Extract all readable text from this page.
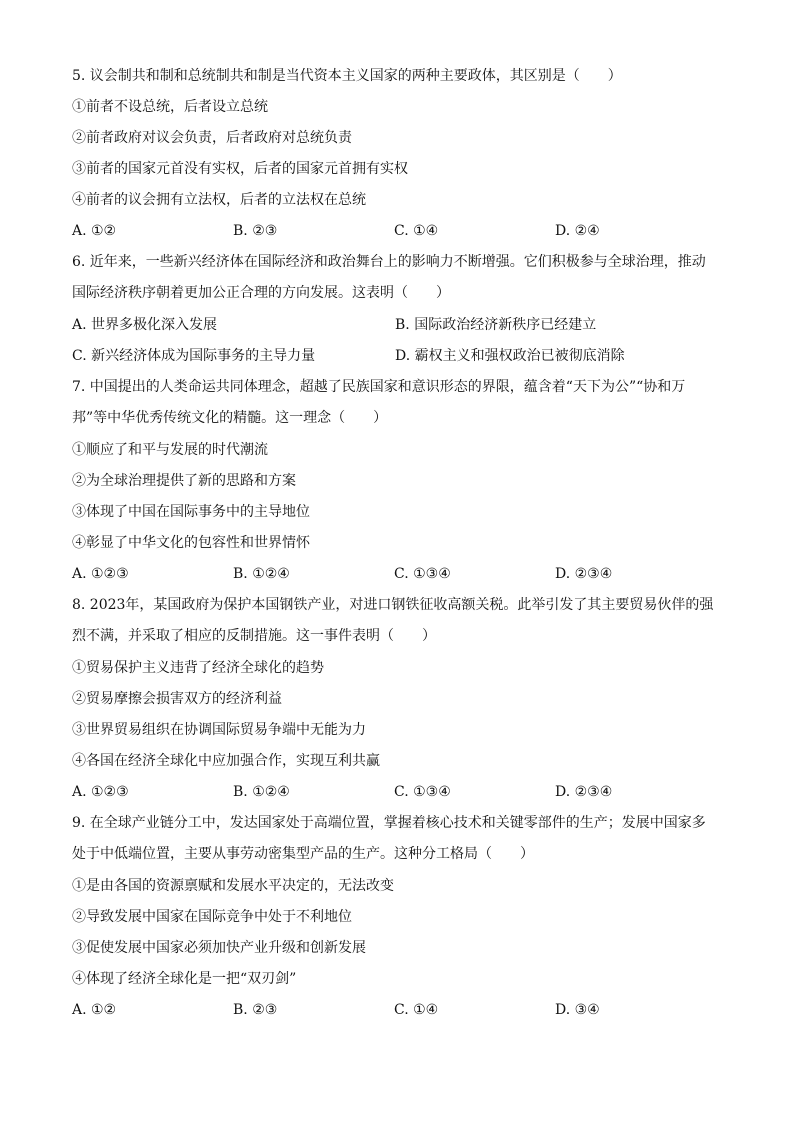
5. 议会制共和制和总统制共和制是当代资本主义国家的两种主要政体，其区别是（　　）

①前者不设总统，后者设立总统

②前者政府对议会负责，后者政府对总统负责

③前者的国家元首没有实权，后者的国家元首拥有实权

④前者的议会拥有立法权，后者的立法权在总统

A. ①②	B. ②③	C. ①④	D. ②④

6. 近年来，一些新兴经济体在国际经济和政治舞台上的影响力不断增强。它们积极参与全球治理，推动国际经济秩序朝着更加公正合理的方向发展。这表明（　　）

A. 世界多极化深入发展	B. 国际政治经济新秩序已经建立
C. 新兴经济体成为国际事务的主导力量	D. 霸权主义和强权政治已被彻底消除

7. 中国提出的人类命运共同体理念，超越了民族国家和意识形态的界限，蕴含着“天下为公”“协和万邦”等中华优秀传统文化的精髓。这一理念（　　）

①顺应了和平与发展的时代潮流

②为全球治理提供了新的思路和方案

③体现了中国在国际事务中的主导地位

④彰显了中华文化的包容性和世界情怀

A. ①②③	B. ①②④	C. ①③④	D. ②③④

8. 2023年，某国政府为保护本国钢铁产业，对进口钢铁征收高额关税。此举引发了其主要贸易伙伴的强烈不满，并采取了相应的反制措施。这一事件表明（　　）

①贸易保护主义违背了经济全球化的趋势

②贸易摩擦会损害双方的经济利益

③世界贸易组织在协调国际贸易争端中无能为力

④各国在经济全球化中应加强合作，实现互利共赢

A. ①②③	B. ①②④	C. ①③④	D. ②③④

9. 在全球产业链分工中，发达国家处于高端位置，掌握着核心技术和关键零部件的生产；发展中国家多处于中低端位置，主要从事劳动密集型产品的生产。这种分工格局（　　）

①是由各国的资源禀赋和发展水平决定的，无法改变

②导致发展中国家在国际竞争中处于不利地位

③促使发展中国家必须加快产业升级和创新发展

④体现了经济全球化是一把“双刃剑”

A. ①②	B. ②③	C. ①④	D. ③④
